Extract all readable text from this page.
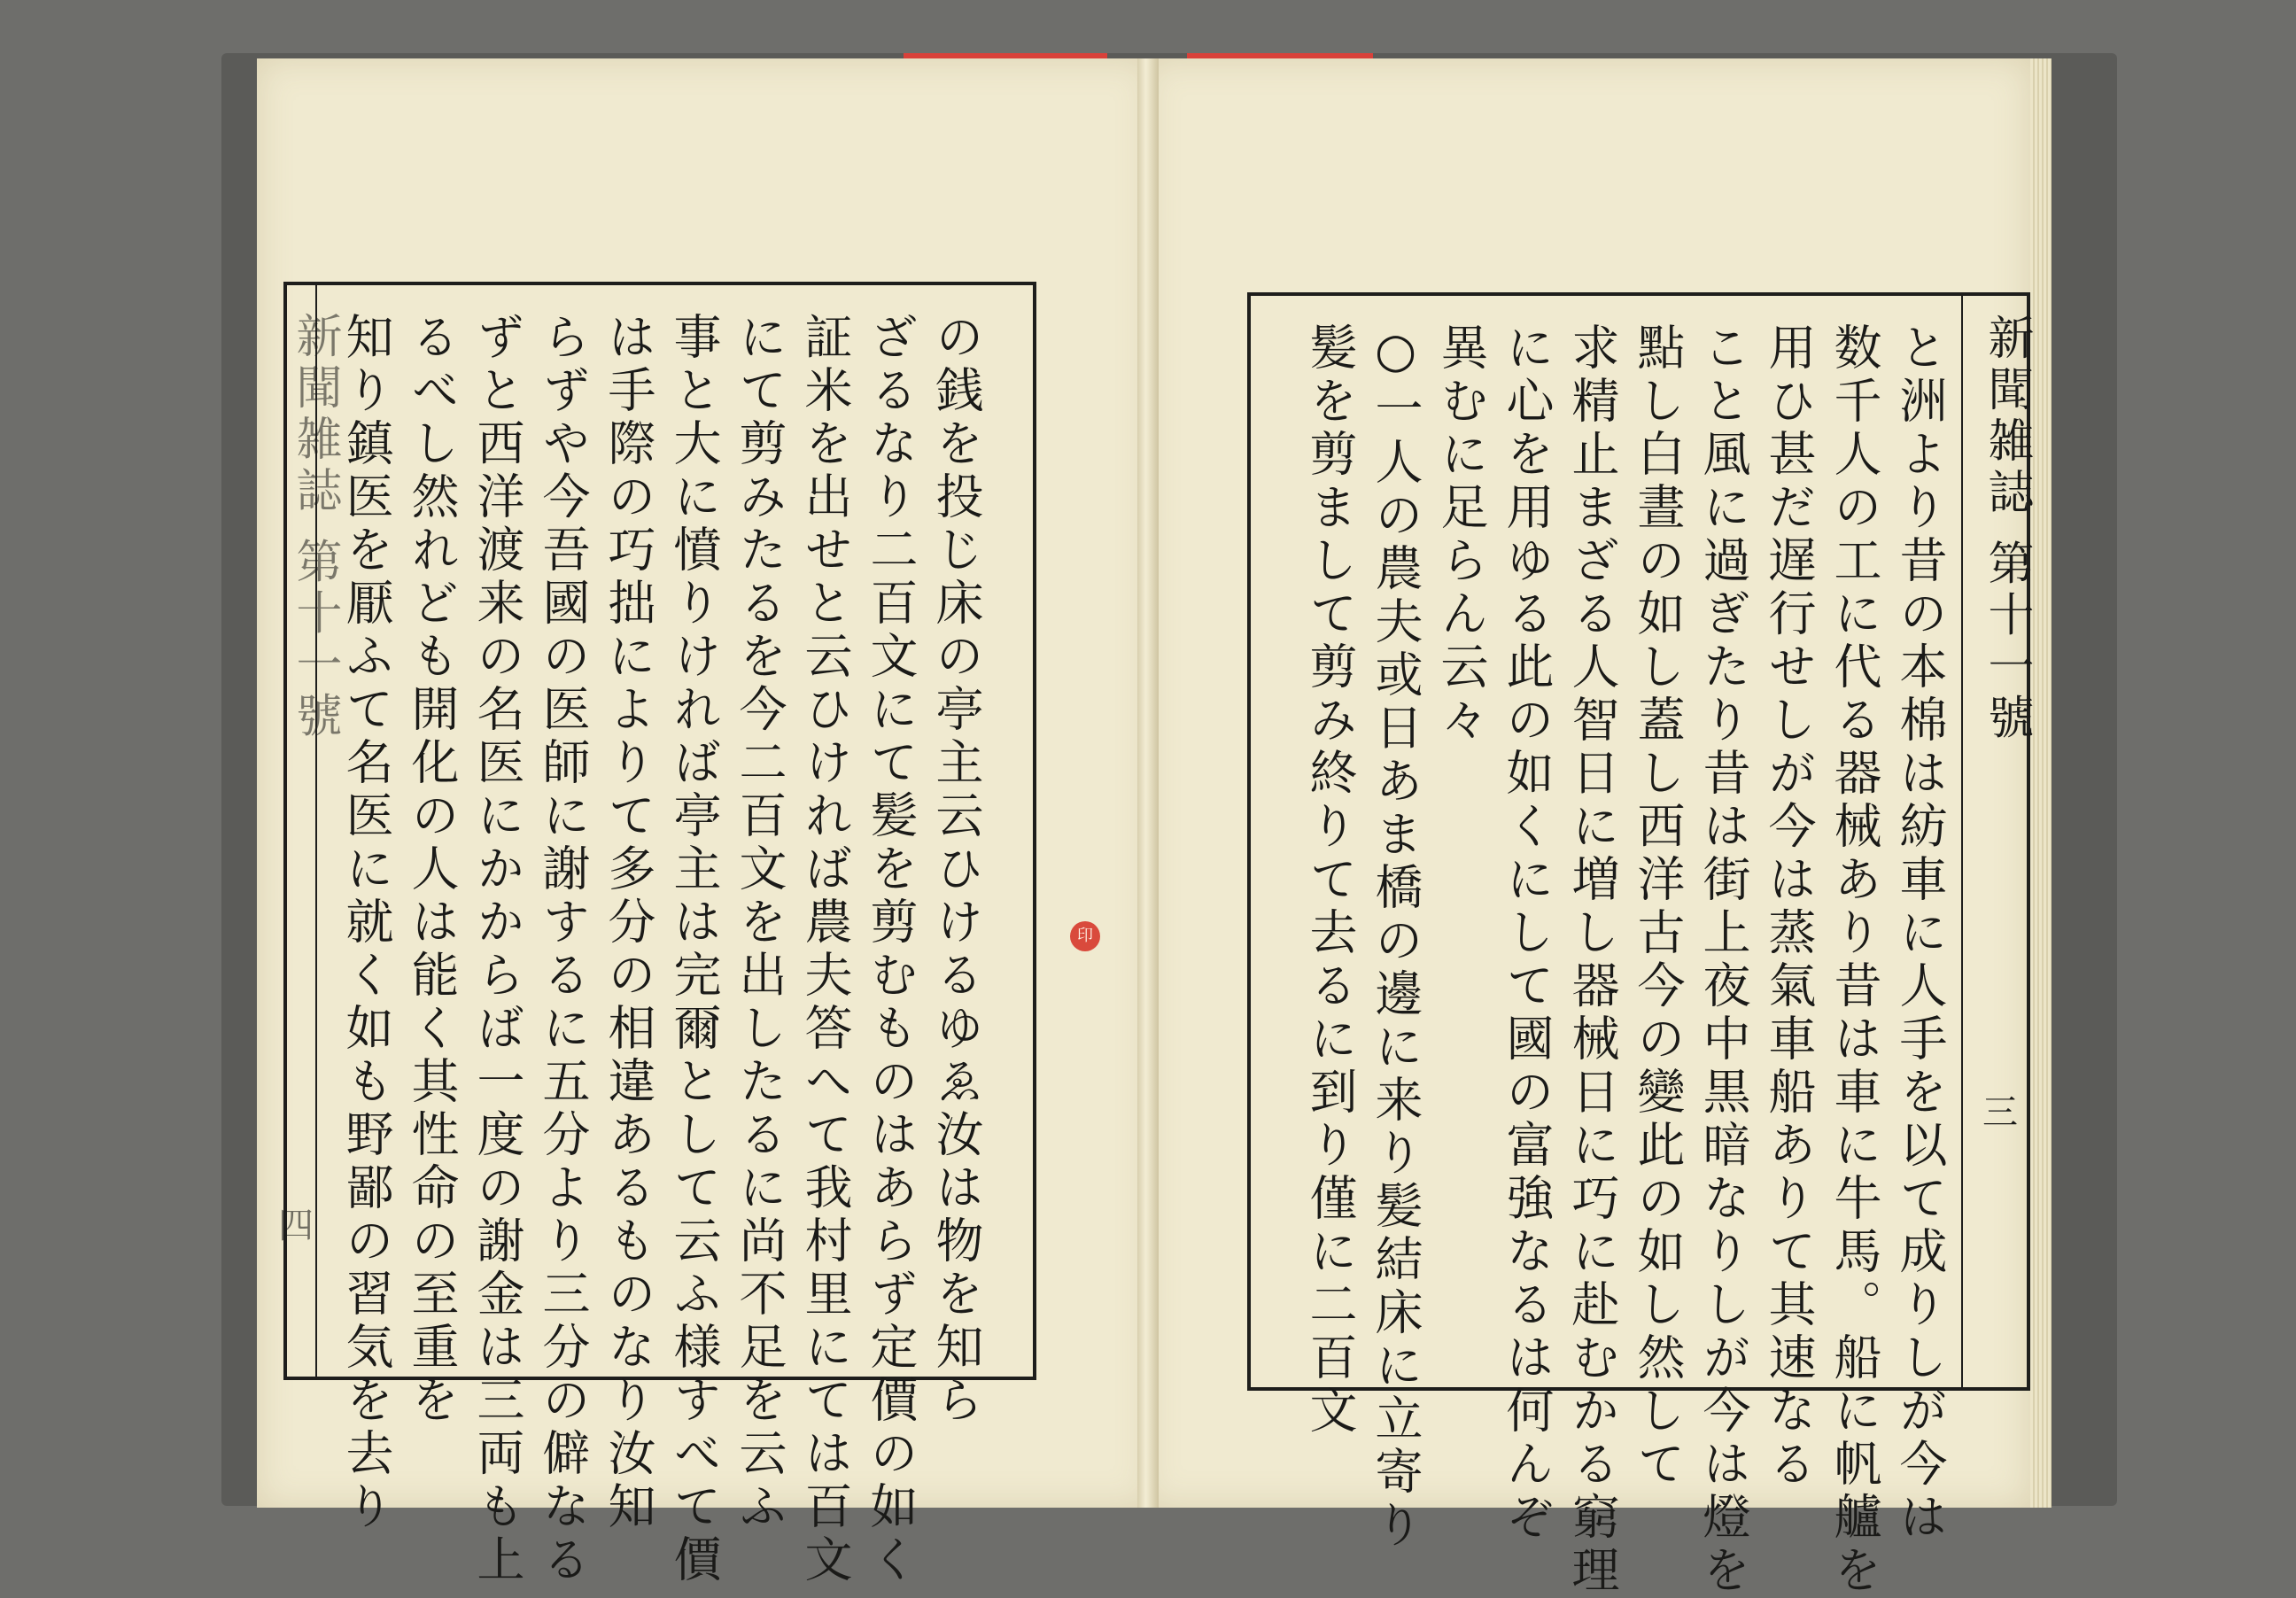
新聞雑誌 第十一號
四	の銭を投じ床の亭主云ひけるゆゑ汝は物を知ら
ざるなり二百文にて髪を剪むものはあらず定價の如く
証米を出せと云ひければ農夫答へて我村里にては百文
にて剪みたるを今二百文を出したるに尚不足を云ふ
事と大に憤りければ亭主は完爾として云ふ様すべて價
は手際の巧拙によりて多分の相違あるものなり汝知
らずや今吾國の医師に謝するに五分より三分の僻なる
ずと西洋渡来の名医にかからば一度の謝金は三両も上
るべし然れども開化の人は能く其性命の至重を
知り鎮医を厭ふて名医に就く如も野鄙の習気を去り	新聞雑誌 第十一號
三
と洲より昔の本棉は紡車に人手を以て成りしが今は
数千人の工に代る器械あり昔は車に牛馬。船に帆艫を
用ひ甚だ遅行せしが今は蒸氣車船ありて其速なる
こと風に過ぎたり昔は街上夜中黒暗なりしが今は燈を
點し白晝の如し蓋し西洋古今の變此の如し然して
求精止まざる人智日に増し器械日に巧に赴むかる窮理
に心を用ゆる此の如くにして國の富強なるは何んぞ
異むに足らん云々
○一人の農夫或日あま橋の邊に来り髪結床に立寄り
髪を剪まして剪み終りて去るに到り僅に二百文
印
